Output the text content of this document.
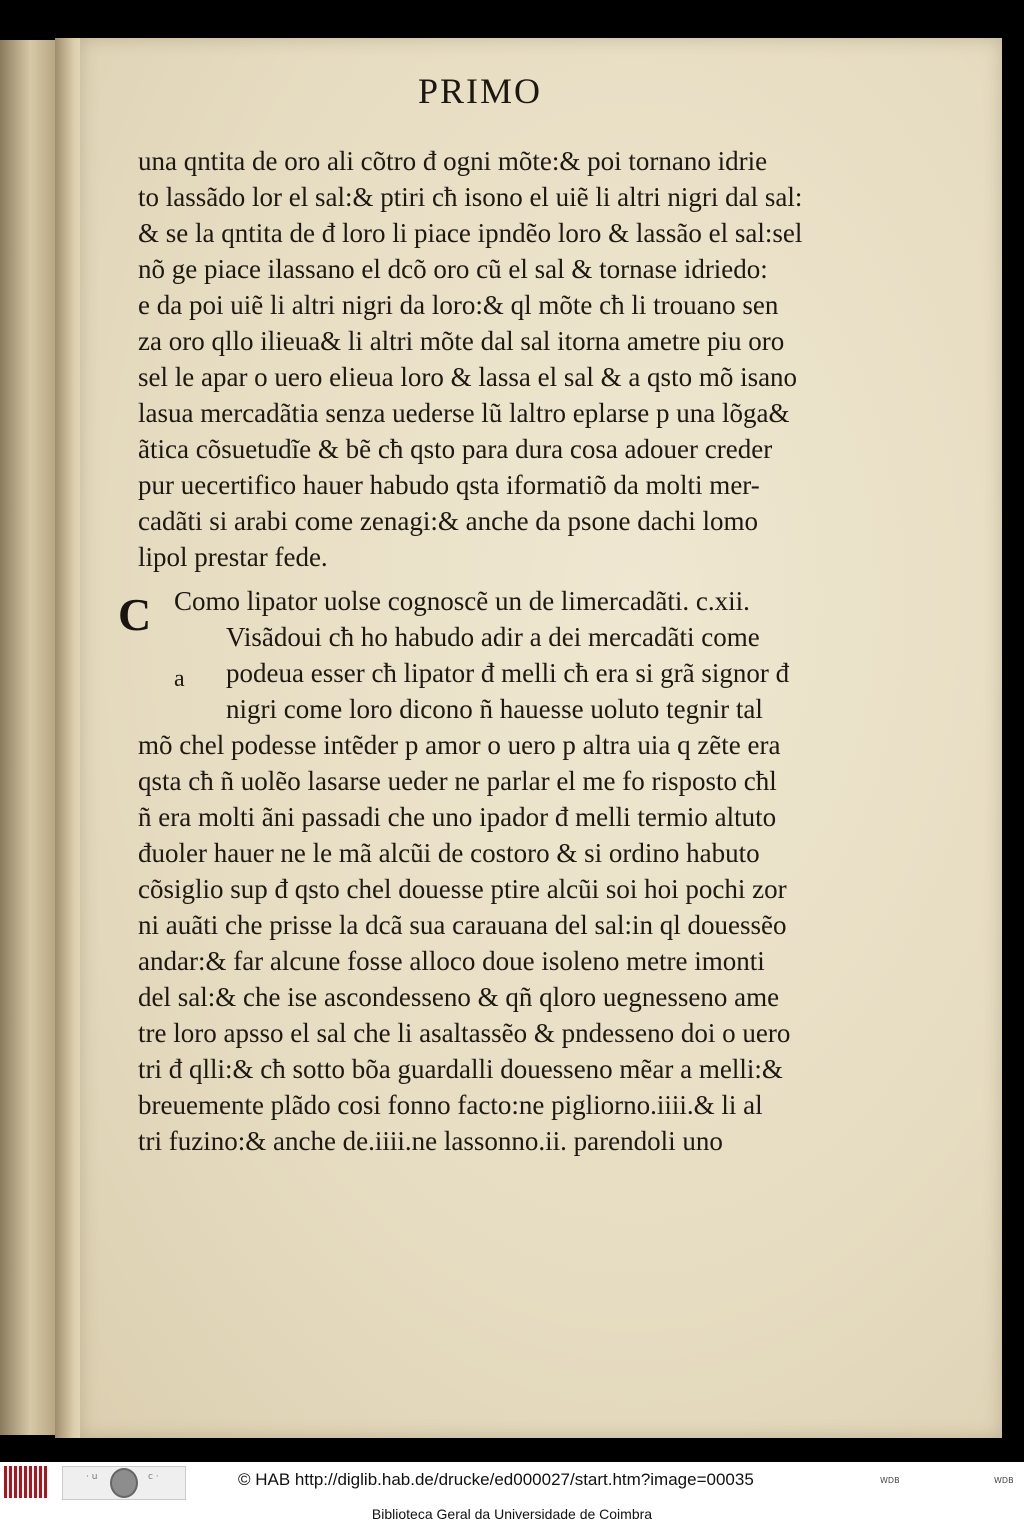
PRIMO
C
a
una qntita de oro ali cõtro đ ogni mõte:& poi tornano idrie
to lassãdo lor el sal:& ptiri cħ isono el uiẽ li altri nigri dal sal:
& se la qntita de đ loro li piace ipndẽo loro & lassão el sal:sel
nõ ge piace ilassano el dcõ oro cũ el sal & tornase idriedo:
e da poi uiẽ li altri nigri da loro:& ql mõte cħ li trouano sen
za oro qllo ilieua& li altri mõte dal sal itorna ametre piu oro
sel le apar o uero elieua loro & lassa el sal & a qsto mõ isano
lasua mercadãtia senza uederse lũ laltro eplarse p una lõga&
ãtica cõsuetudĩe & bẽ cħ qsto para dura cosa adouer creder
pur uecertifico hauer habudo qsta iformatiõ da molti mer-
cadãti si arabi come zenagi:& anche da psone dachi lomo
lipol prestar fede.
Como lipator uolse cognoscẽ un de limercadãti. c.xii.
Visãdoui cħ ho habudo adir a dei mercadãti come
podeua esser cħ lipator đ melli cħ era si grã signor đ
nigri come loro dicono ñ hauesse uoluto tegnir tal
mõ chel podesse intẽder p amor o uero p altra uia q zẽte era
qsta cħ ñ uolẽo lasarse ueder ne parlar el me fo risposto cħl
ñ era molti ãni passadi che uno ipador đ melli termio altuto
đuoler hauer ne le mã alcũi de costoro & si ordino habuto
cõsiglio sup đ qsto chel douesse ptire alcũi soi hoi pochi zor
ni auãti che prisse la dcã sua carauana del sal:in ql douessẽo
andar:& far alcune fosse alloco doue isoleno metre imonti
del sal:& che ise ascondesseno & qñ qloro uegnesseno ame
tre loro apsso el sal che li asaltassẽo & pndesseno doi o uero
tri đ qlli:& cħ sotto bõa guardalli douesseno mẽar a melli:&
breuemente plãdo cosi fonno facto:ne pigliorno.iiii.& li al
tri fuzino:& anche de.iiii.ne lassonno.ii. parendoli uno
· u	c ·	© HAB http://diglib.hab.de/drucke/ed000027/start.htm?image=00035	WDB	WDB
Biblioteca Geral da Universidade de Coimbra
